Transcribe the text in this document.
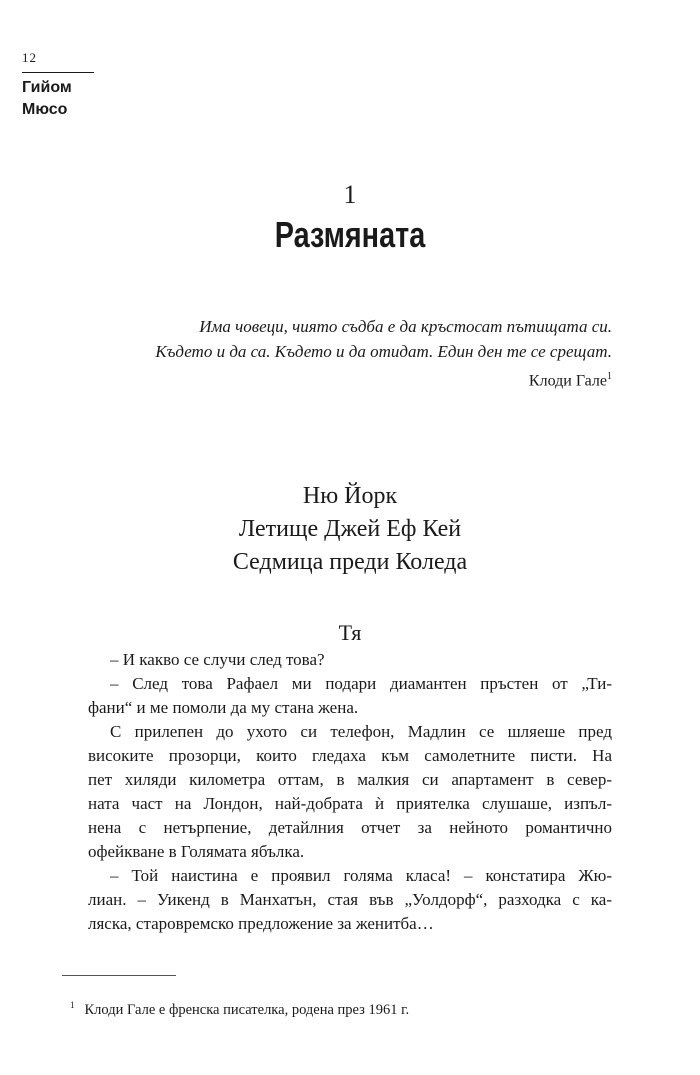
12
Гийом
Мюсо
1
Размяната
Има човеци, чиято съдба е да кръстосат пътищата си.
Където и да са. Където и да отидат. Един ден те се срещат.
Клоди Гале$^1$
Ню Йорк
Летище Джей Еф Кей
Седмица преди Коледа
Тя
– И какво се случи след това?
– След това Рафаел ми подари диамантен пръстен от „Ти-
фани“ и ме помоли да му стана жена.
С прилепен до ухото си телефон, Мадлин се шляеше пред
високите прозорци, които гледаха към самолетните писти. На
пет хиляди километра оттам, в малкия си апартамент в север-
ната част на Лондон, най-добрата ѝ приятелка слушаше, изпъл-
нена с нетърпение, детайлния отчет за нейното романтично
офейкване в Голямата ябълка.
– Той наистина е проявил голяма класа! – констатира Жю-
лиан. – Уикенд в Манхатън, стая във „Уолдорф“, разходка с ка-
ляска, старовремско предложение за женитба…
$^1$ Клоди Гале е френска писателка, родена през 1961 г.
